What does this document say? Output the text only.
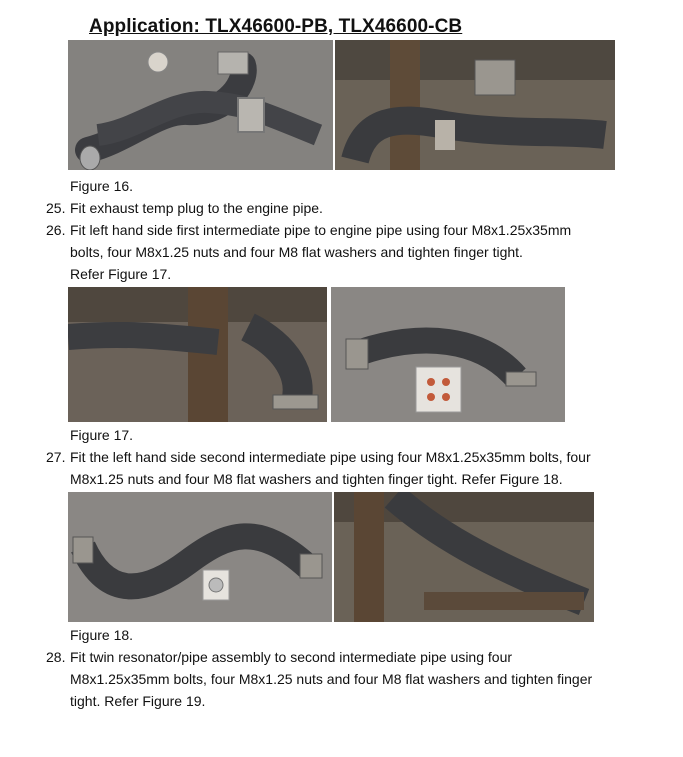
Application: TLX46600-PB, TLX46600-CB
Figure 16.
25. Fit exhaust temp plug to the engine pipe.
26. Fit left hand side first intermediate pipe to engine pipe using four M8x1.25x35mm
bolts, four M8x1.25 nuts and four M8 flat washers and tighten finger tight.
Refer Figure 17.
Figure 17.
27. Fit the left hand side second intermediate pipe using four M8x1.25x35mm bolts, four
M8x1.25 nuts and four M8 flat washers and tighten finger tight. Refer Figure 18.
Figure 18.
28. Fit twin resonator/pipe assembly to second intermediate pipe using four
M8x1.25x35mm bolts, four M8x1.25 nuts and four M8 flat washers and tighten finger
tight. Refer Figure 19.
